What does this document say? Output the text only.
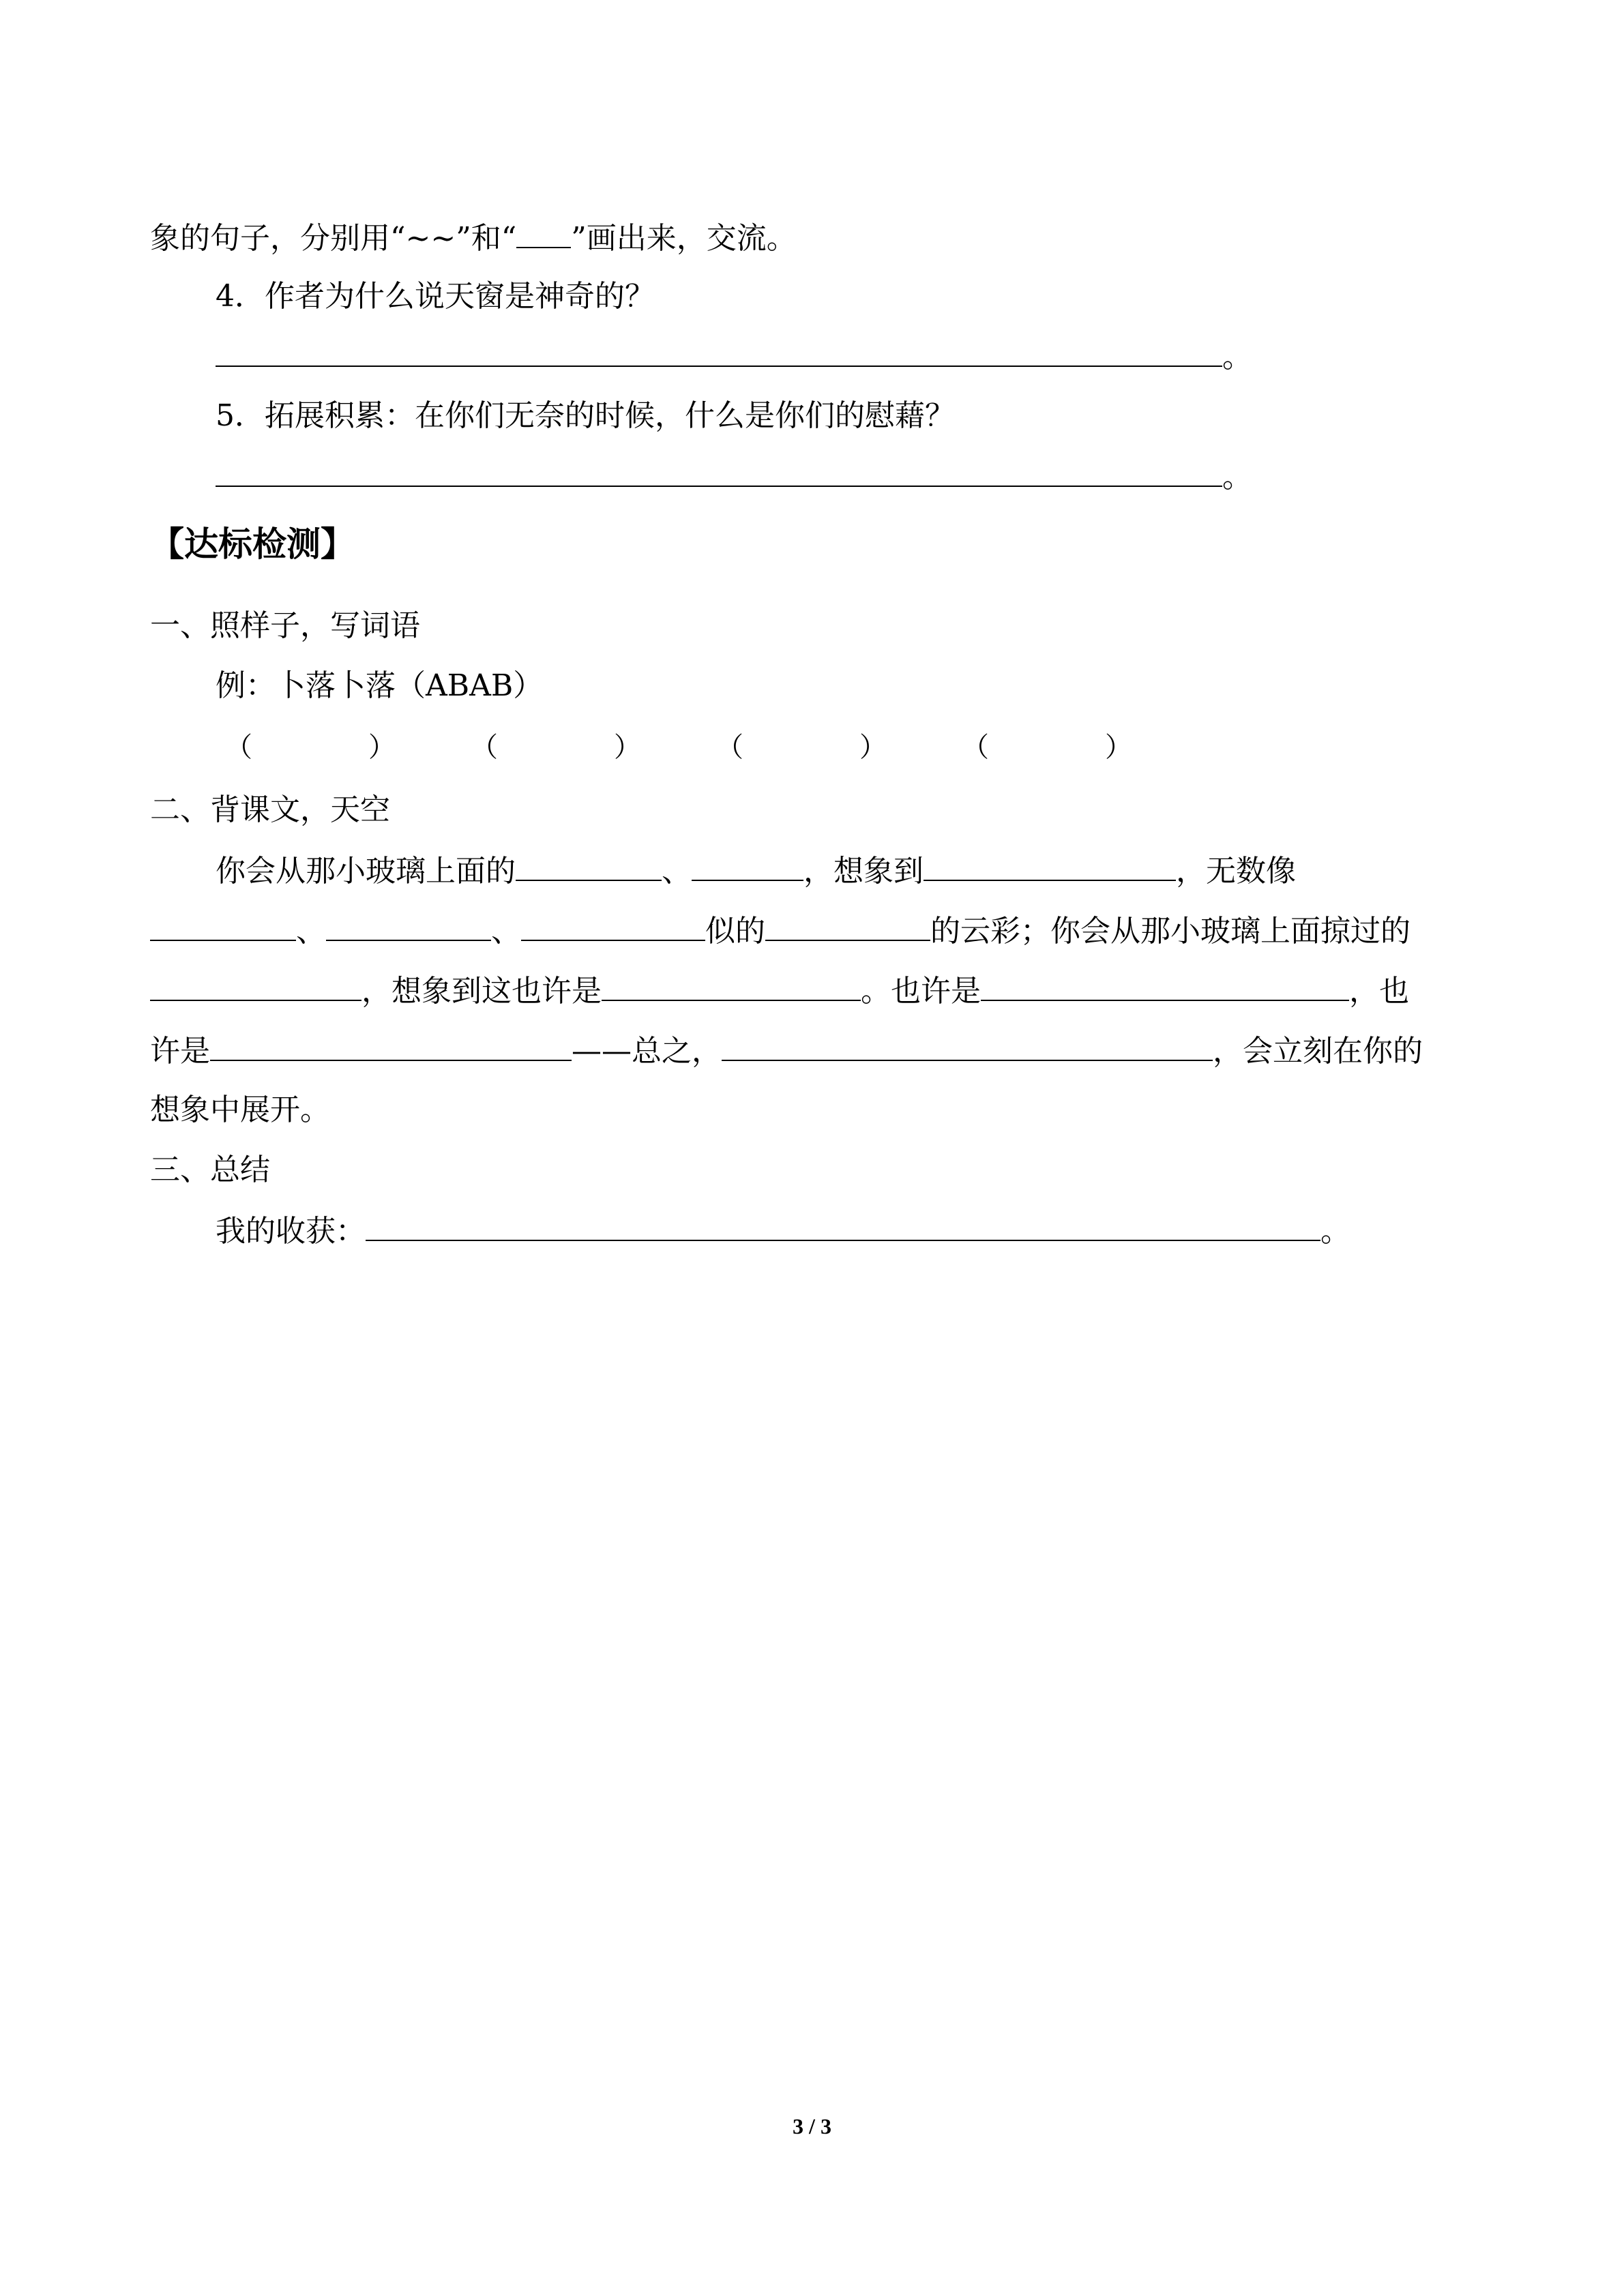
象的句子，分别用“~~”和“ ”画出来，交流。
4．作者为什么说天窗是神奇的？
。
5．拓展积累：在你们无奈的时候，什么是你们的慰藉？
。
【达标检测】
一、照样子，写词语
例：卜落卜落（ABAB）
（	）	（	）	（	）	（	）
二、背课文，天空
你会从那小玻璃上面的	、	，想象到	，无数像
、	、	似的	的云彩；你会从那小玻璃上面掠过的
，想象到这也许是	。也许是	，也
许是	——总之，	，会立刻在你的
想象中展开。
三、总结
我的收获：	。
3 / 3
